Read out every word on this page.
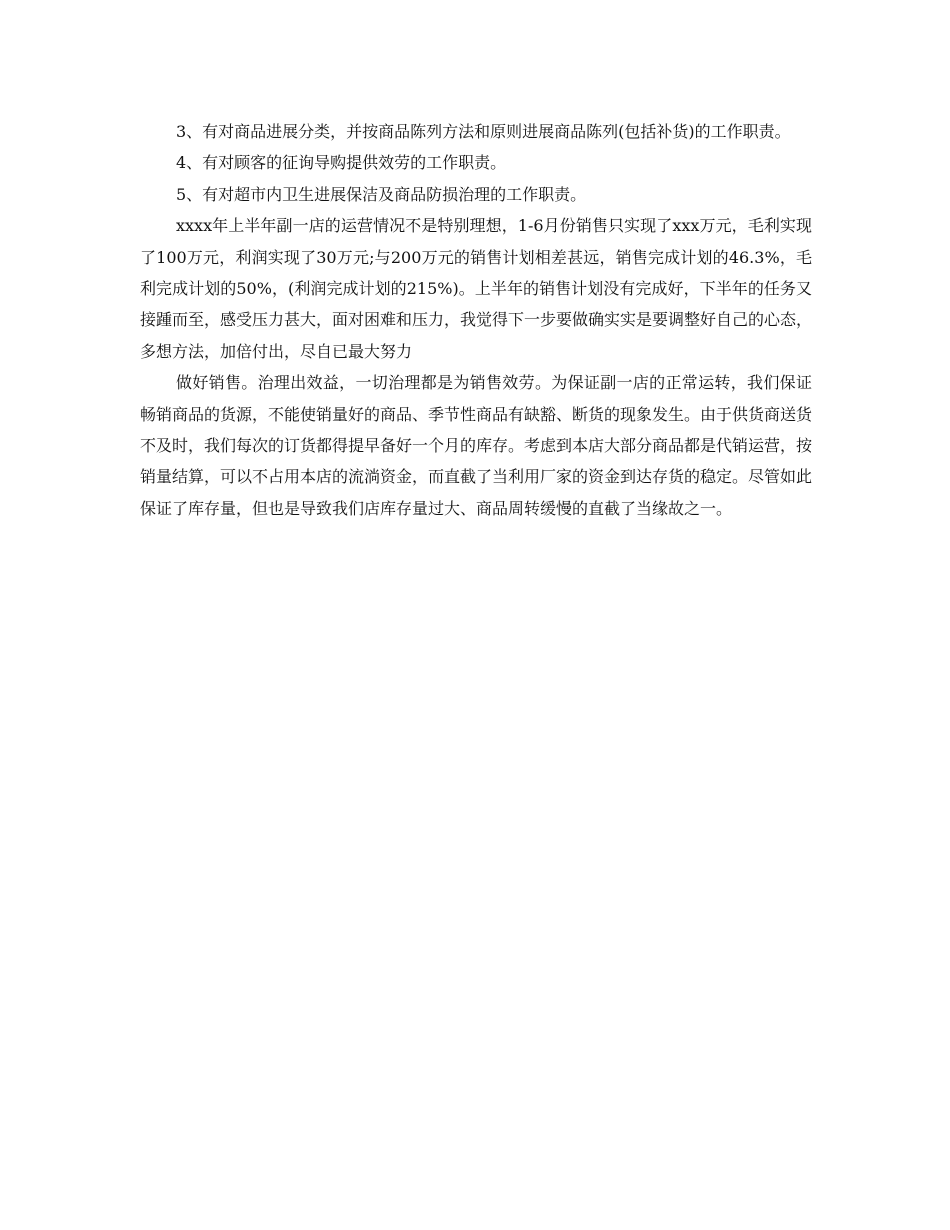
3、有对商品进展分类，并按商品陈列方法和原则进展商品陈列(包括补货)的工作职责。

4、有对顾客的征询导购提供效劳的工作职责。

5、有对超市内卫生进展保洁及商品防损治理的工作职责。

xxxx年上半年副一店的运营情况不是特别理想，1-6月份销售只实现了xxx万元，毛利实现了100万元，利润实现了30万元;与200万元的销售计划相差甚远，销售完成计划的46.3%，毛利完成计划的50%，(利润完成计划的215%)。上半年的销售计划没有完成好，下半年的任务又接踵而至，感受压力甚大，面对困难和压力，我觉得下一步要做确实实是要调整好自己的心态，多想方法，加倍付出，尽自已最大努力

做好销售。治理出效益，一切治理都是为销售效劳。为保证副一店的正常运转，我们保证畅销商品的货源，不能使销量好的商品、季节性商品有缺豁、断货的现象发生。由于供货商送货不及时，我们每次的订货都得提早备好一个月的库存。考虑到本店大部分商品都是代销运营，按销量结算，可以不占用本店的流淌资金，而直截了当利用厂家的资金到达存货的稳定。尽管如此保证了库存量，但也是导致我们店库存量过大、商品周转缓慢的直截了当缘故之一。
